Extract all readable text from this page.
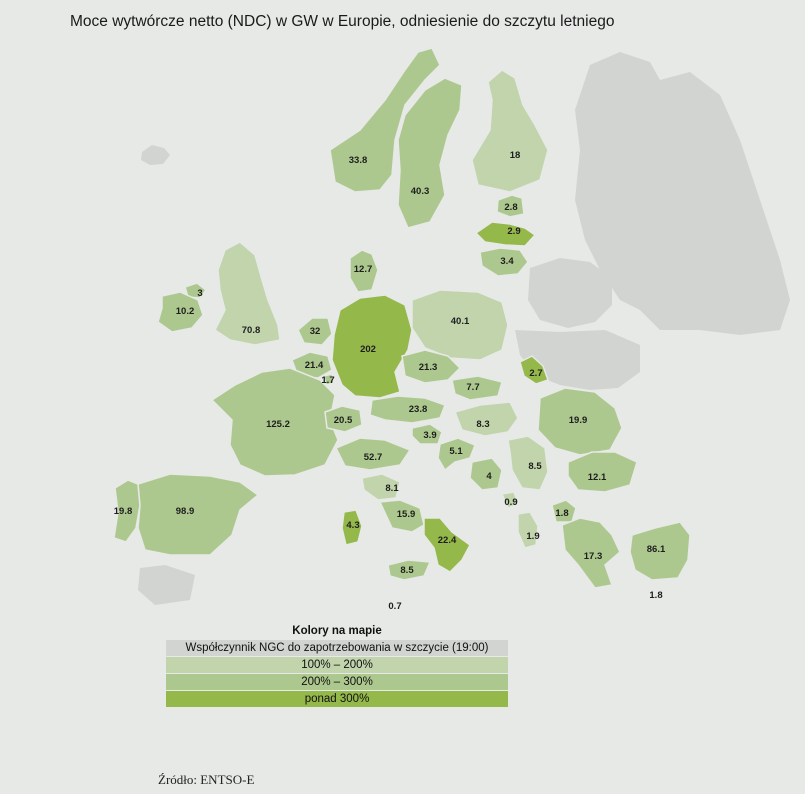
Moce wytwórcze netto (NDC) w GW w Europie, odniesienie do szczytu letniego
33.8
40.3
18
2.8
2.9
3.4
12.7
3
10.2
70.8	32
202
40.1
21.4
1.7
21.3
2.7
7.7
125.2	20.5
23.8
8.3	19.9
3.9
5.1
4
8.5
12.1
0.9
1.8
1.9
52.7
8.1
15.9
22.4
4.3
8.5
0.7
19.8	98.9
17.3
86.1
1.8
Kolory na mapie
Współczynnik NGC do zapotrzebowania w szczycie (19:00)
100% – 200%
200% – 300%
ponad 300%
Źródło: ENTSO-E
